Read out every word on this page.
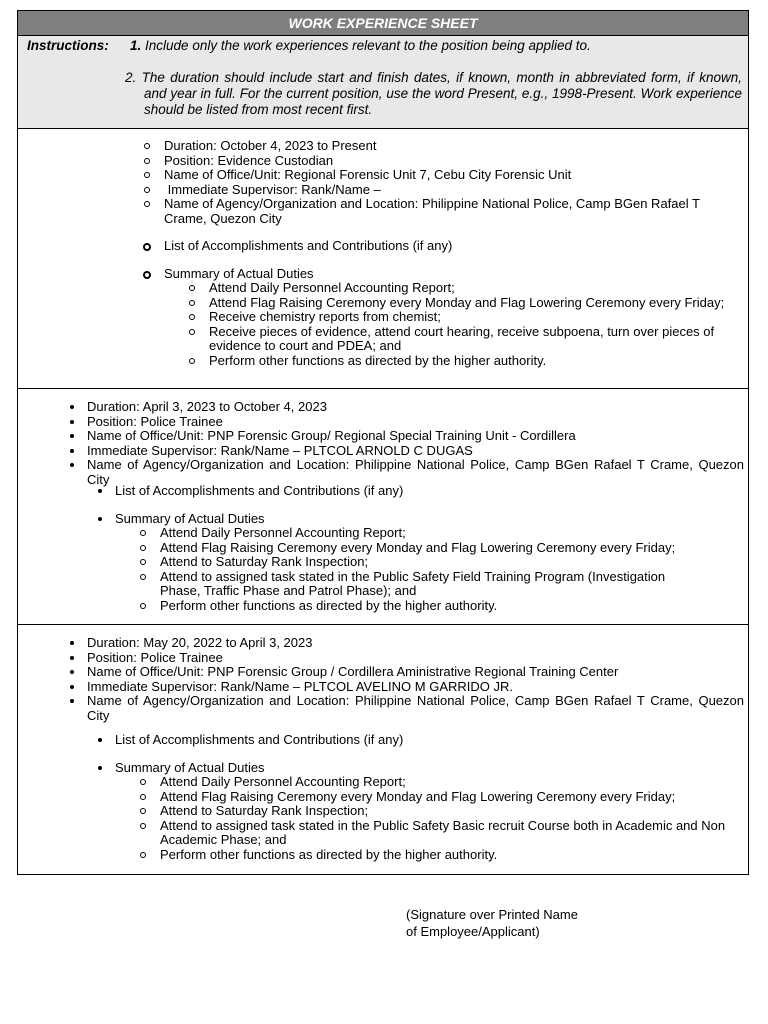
WORK EXPERIENCE SHEET
Instructions: 1. Include only the work experiences relevant to the position being applied to.
2. The duration should include start and finish dates, if known, month in abbreviated form, if known, and year in full. For the current position, use the word Present, e.g., 1998-Present. Work experience should be listed from most recent first.
Duration: October 4, 2023 to Present
Position: Evidence Custodian
Name of Office/Unit: Regional Forensic Unit 7, Cebu City Forensic Unit
Immediate Supervisor: Rank/Name –
Name of Agency/Organization and Location: Philippine National Police, Camp BGen Rafael T Crame, Quezon City
List of Accomplishments and Contributions (if any)
Summary of Actual Duties
Attend Daily Personnel Accounting Report;
Attend Flag Raising Ceremony every Monday and Flag Lowering Ceremony every Friday;
Receive chemistry reports from chemist;
Receive pieces of evidence, attend court hearing, receive subpoena, turn over pieces of evidence to court and PDEA; and
Perform other functions as directed by the higher authority.
Duration: April 3, 2023 to October 4, 2023
Position: Police Trainee
Name of Office/Unit: PNP Forensic Group/ Regional Special Training Unit - Cordillera
Immediate Supervisor: Rank/Name – PLTCOL ARNOLD C DUGAS
Name of Agency/Organization and Location: Philippine National Police, Camp BGen Rafael T Crame, Quezon City
List of Accomplishments and Contributions (if any)
Summary of Actual Duties
Attend Daily Personnel Accounting Report;
Attend Flag Raising Ceremony every Monday and Flag Lowering Ceremony every Friday;
Attend to Saturday Rank Inspection;
Attend to assigned task stated in the Public Safety Field Training Program (Investigation Phase, Traffic Phase and Patrol Phase); and
Perform other functions as directed by the higher authority.
Duration: May 20, 2022 to April 3, 2023
Position: Police Trainee
Name of Office/Unit: PNP Forensic Group / Cordillera Aministrative Regional Training Center
Immediate Supervisor: Rank/Name – PLTCOL AVELINO M GARRIDO JR.
Name of Agency/Organization and Location: Philippine National Police, Camp BGen Rafael T Crame, Quezon City
List of Accomplishments and Contributions (if any)
Summary of Actual Duties
Attend Daily Personnel Accounting Report;
Attend Flag Raising Ceremony every Monday and Flag Lowering Ceremony every Friday;
Attend to Saturday Rank Inspection;
Attend to assigned task stated in the Public Safety Basic recruit Course both in Academic and Non Academic Phase; and
Perform other functions as directed by the higher authority.
(Signature over Printed Name
of Employee/Applicant)
